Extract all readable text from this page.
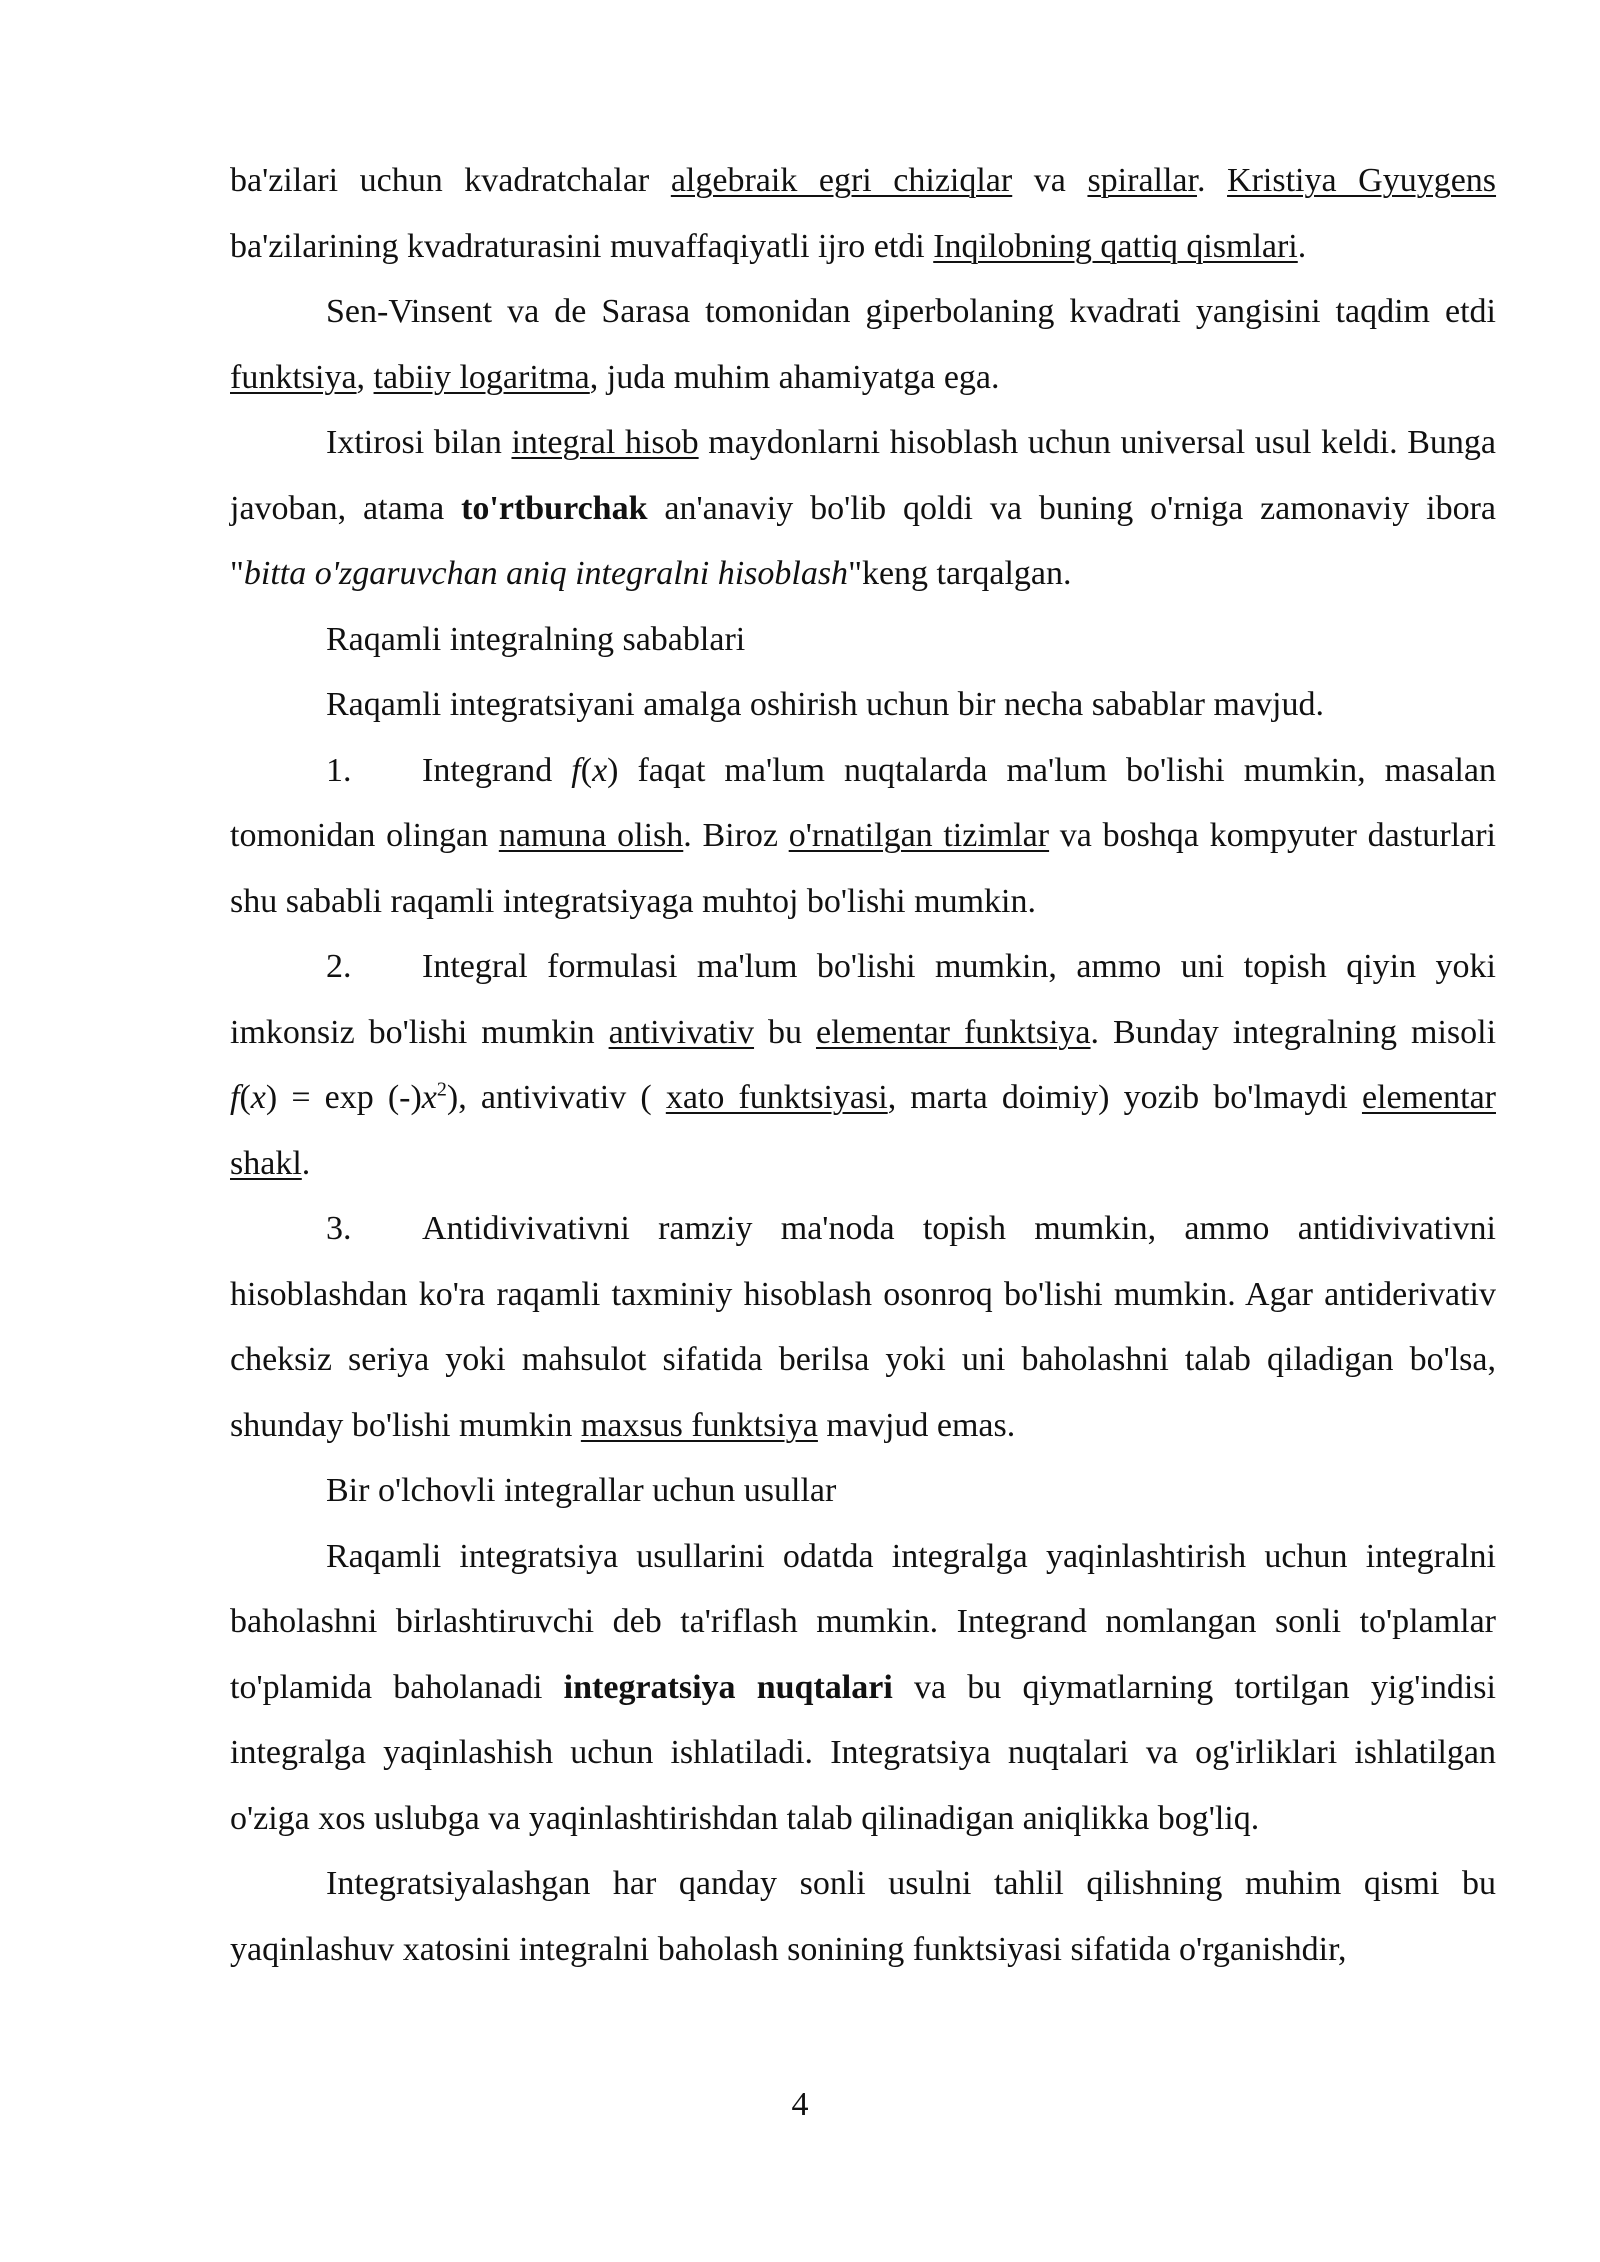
ba'zilari uchun kvadratchalar algebraik egri chiziqlar va spirallar. Kristiya Gyuygens ba'zilarining kvadraturasini muvaffaqiyatli ijro etdi Inqilobning qattiq qismlari.

Sen-Vinsent va de Sarasa tomonidan giperbolaning kvadrati yangisini taqdim etdi funktsiya, tabiiy logaritma, juda muhim ahamiyatga ega.

Ixtirosi bilan integral hisob maydonlarni hisoblash uchun universal usul keldi. Bunga javoban, atama to'rtburchak an'anaviy bo'lib qoldi va buning o'rniga zamonaviy ibora "bitta o'zgaruvchan aniq integralni hisoblash"keng tarqalgan.

Raqamli integralning sabablari

Raqamli integratsiyani amalga oshirish uchun bir necha sabablar mavjud.

1. Integrand f(x) faqat ma'lum nuqtalarda ma'lum bo'lishi mumkin, masalan tomonidan olingan namuna olish. Biroz o'rnatilgan tizimlar va boshqa kompyuter dasturlari shu sababli raqamli integratsiyaga muhtoj bo'lishi mumkin.

2. Integral formulasi ma'lum bo'lishi mumkin, ammo uni topish qiyin yoki imkonsiz bo'lishi mumkin antivivativ bu elementar funktsiya. Bunday integralning misoli $f(x) = \exp (-)x^2$), antivivativ ( xato funktsiyasi, marta doimiy) yozib bo'lmaydi elementar shakl.

3. Antidivivativni ramziy ma'noda topish mumkin, ammo antidivivativni hisoblashdan ko'ra raqamli taxminiy hisoblash osonroq bo'lishi mumkin. Agar antiderivativ cheksiz seriya yoki mahsulot sifatida berilsa yoki uni baholashni talab qiladigan bo'lsa, shunday bo'lishi mumkin maxsus funktsiya mavjud emas.

Bir o'lchovli integrallar uchun usullar

Raqamli integratsiya usullarini odatda integralga yaqinlashtirish uchun integralni baholashni birlashtiruvchi deb ta'riflash mumkin. Integrand nomlangan sonli to'plamlar to'plamida baholanadi integratsiya nuqtalari va bu qiymatlarning tortilgan yig'indisi integralga yaqinlashish uchun ishlatiladi. Integratsiya nuqtalari va og'irliklari ishlatilgan o'ziga xos uslubga va yaqinlashtirishdan talab qilinadigan aniqlikka bog'liq.

Integratsiyalashgan har qanday sonli usulni tahlil qilishning muhim qismi bu yaqinlashuv xatosini integralni baholash sonining funktsiyasi sifatida o'rganishdir,

4
